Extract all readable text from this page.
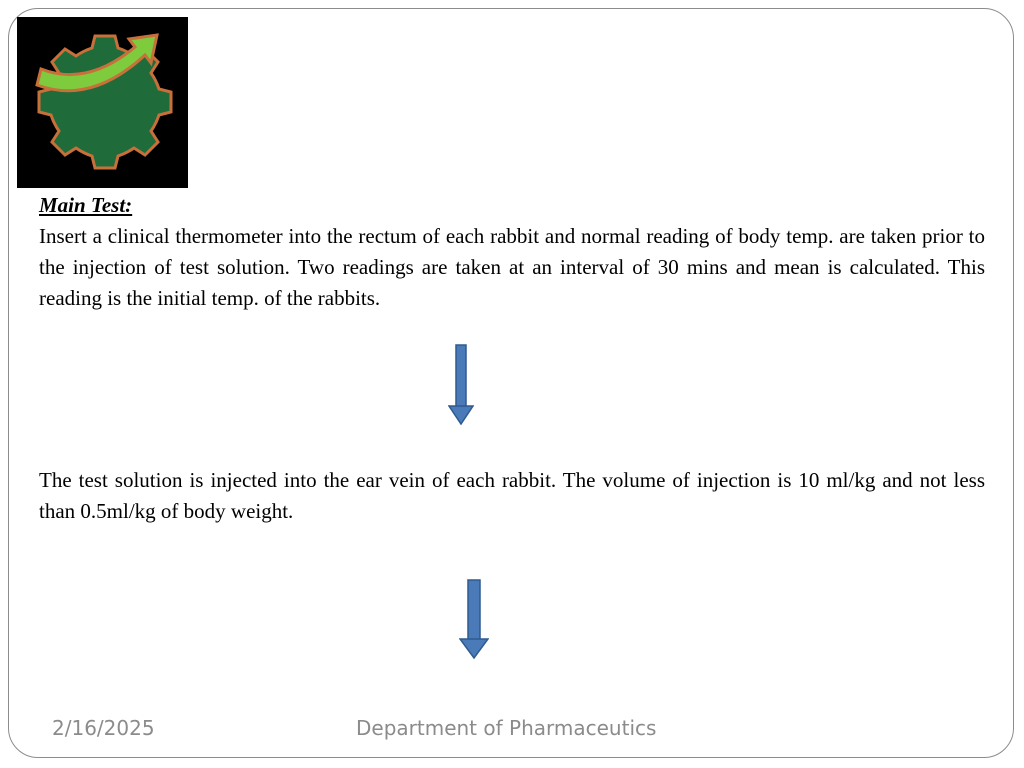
Main Test:

Insert a clinical thermometer into the rectum of each rabbit and normal reading of body temp. are taken prior to the injection of test solution. Two readings are taken at an interval of 30 mins and mean is calculated. This reading is the initial temp. of the rabbits.

The test solution is injected into the ear vein of each rabbit. The volume of injection is 10 ml/kg and not less than 0.5ml/kg of body weight.

2/16/2025	Department of Pharmaceutics
